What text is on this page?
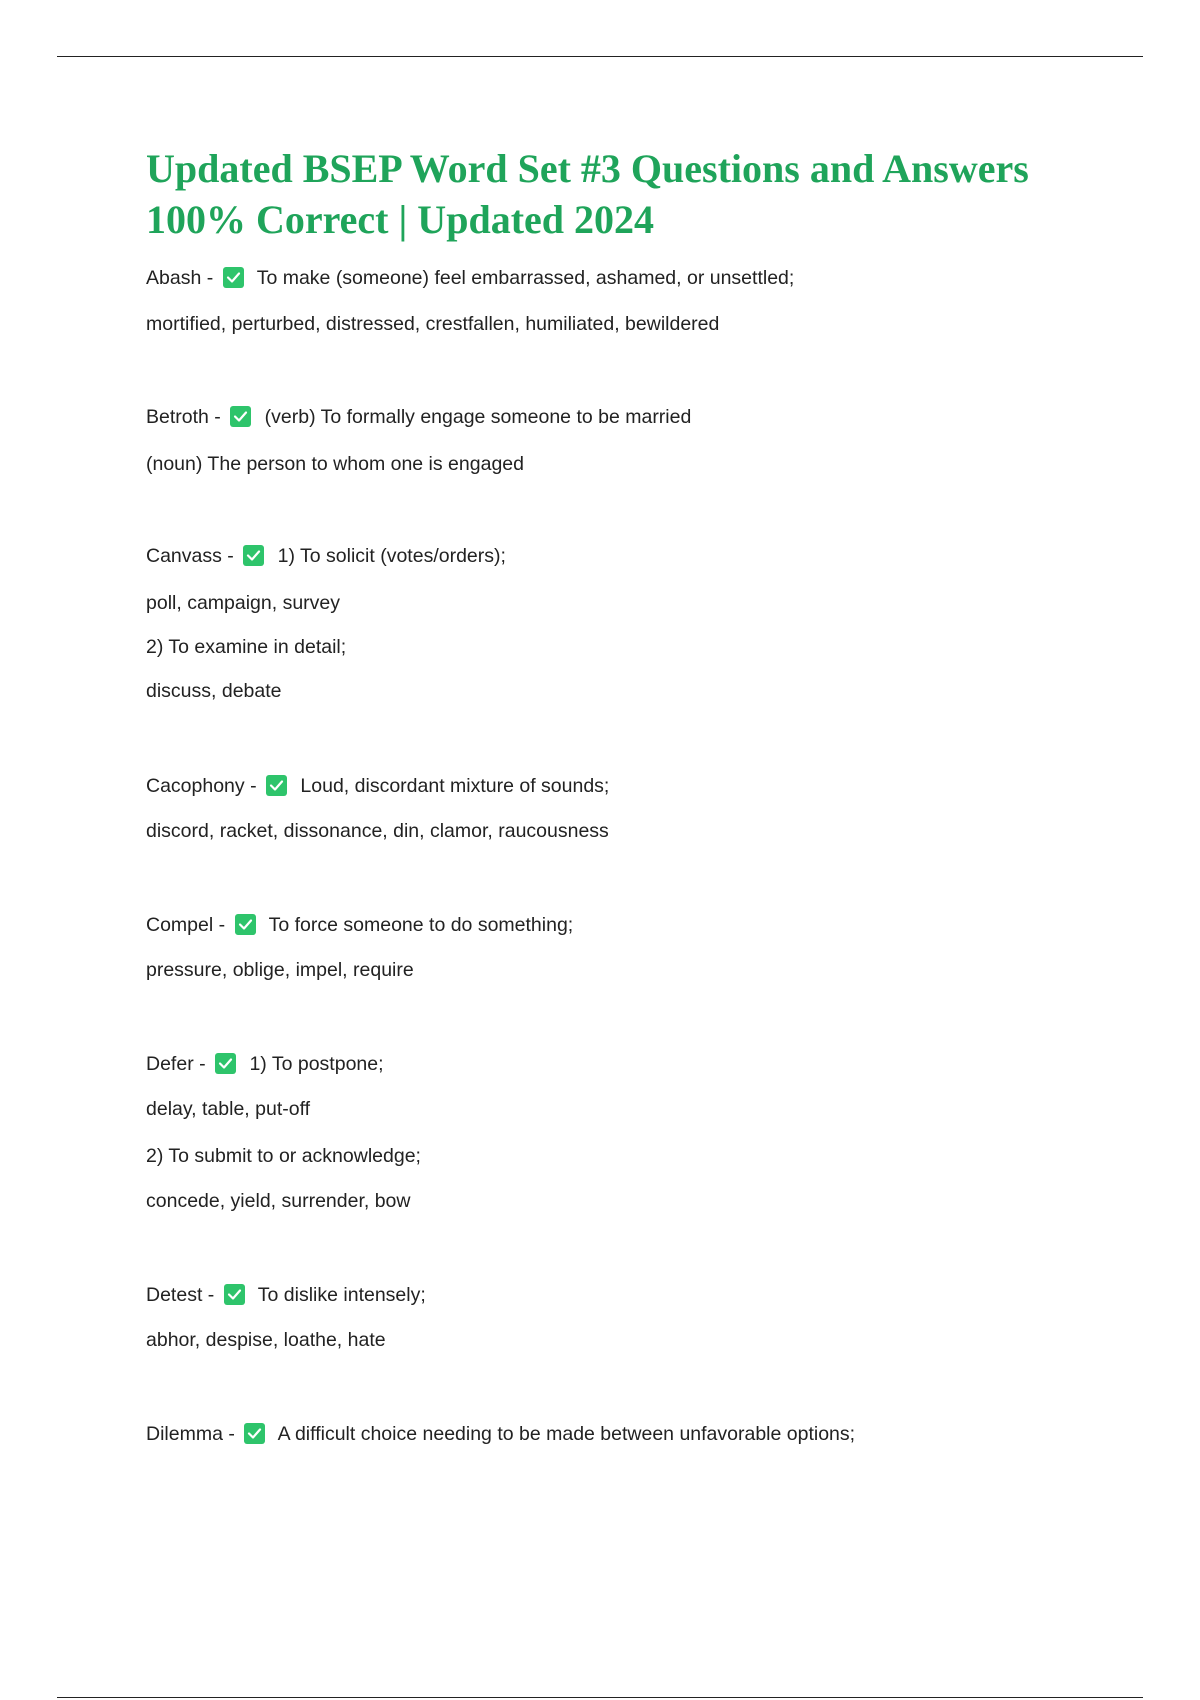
Updated BSEP Word Set #3 Questions and Answers 100% Correct | Updated 2024
Abash - To make (someone) feel embarrassed, ashamed, or unsettled;
mortified, perturbed, distressed, crestfallen, humiliated, bewildered
Betroth - (verb) To formally engage someone to be married
(noun) The person to whom one is engaged
Canvass - 1) To solicit (votes/orders);
poll, campaign, survey
2) To examine in detail;
discuss, debate
Cacophony - Loud, discordant mixture of sounds;
discord, racket, dissonance, din, clamor, raucousness
Compel - To force someone to do something;
pressure, oblige, impel, require
Defer - 1) To postpone;
delay, table, put-off
2) To submit to or acknowledge;
concede, yield, surrender, bow
Detest - To dislike intensely;
abhor, despise, loathe, hate
Dilemma - A difficult choice needing to be made between unfavorable options;
